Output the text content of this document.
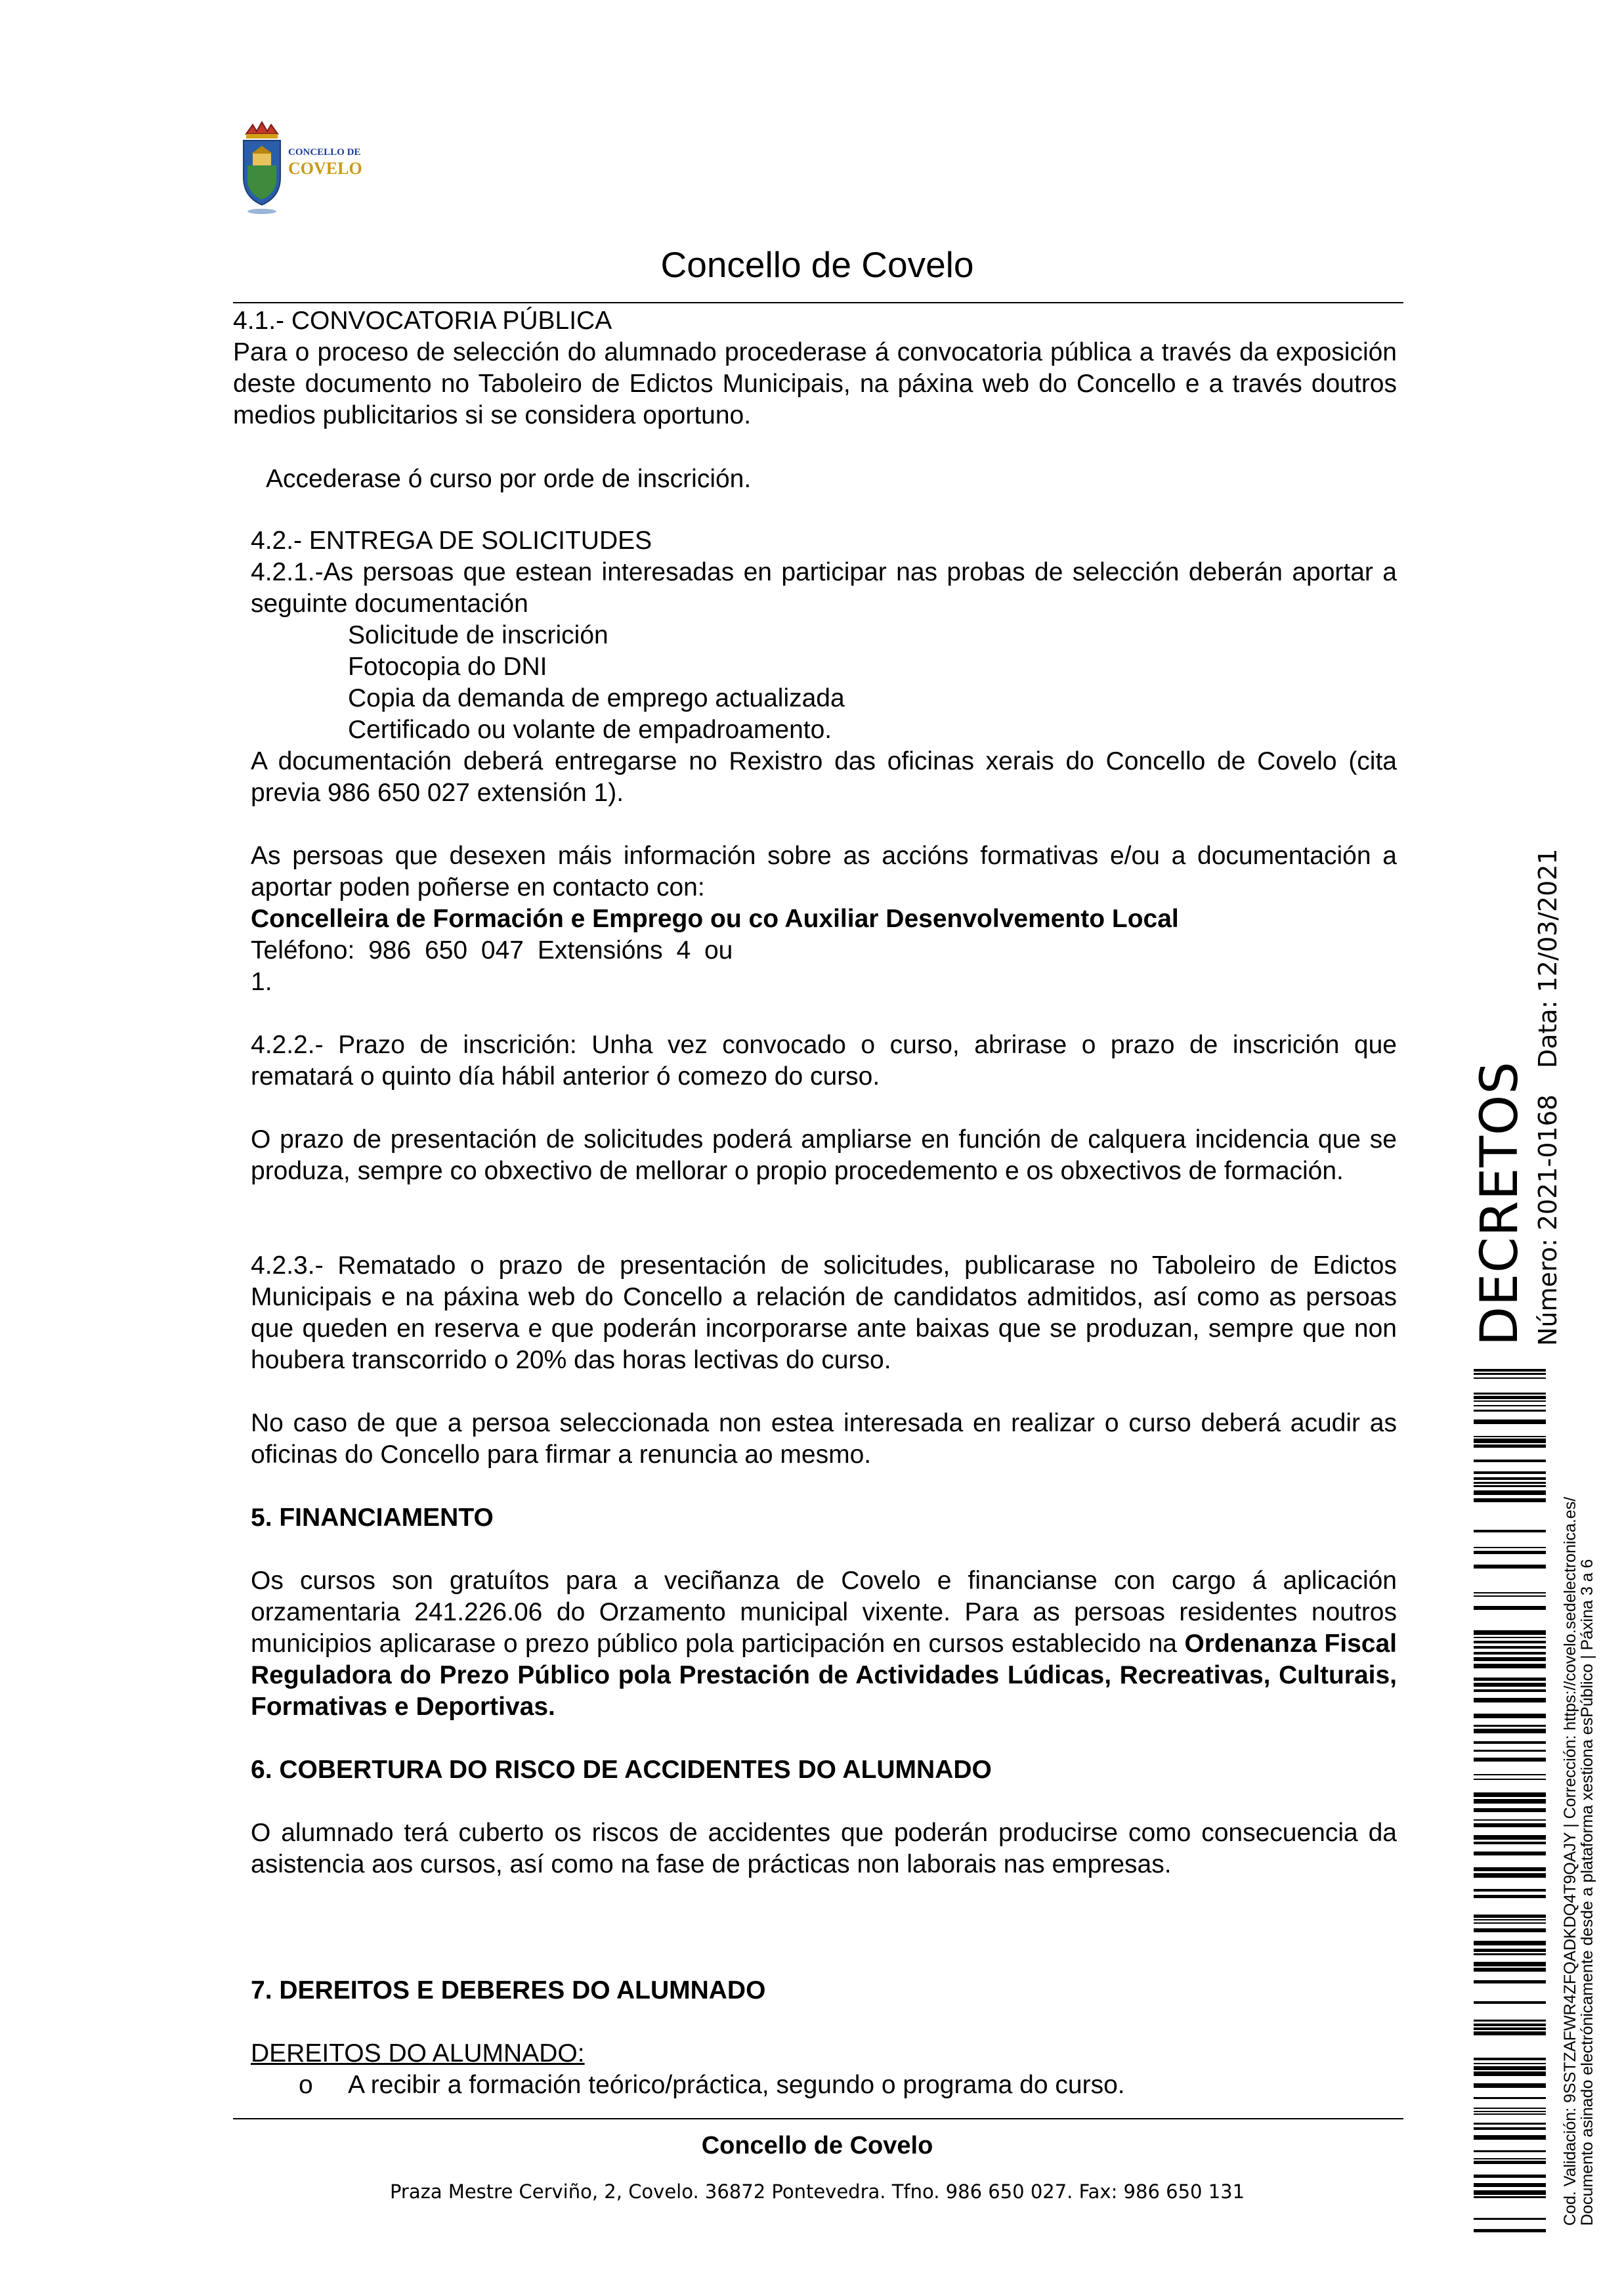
CONCELLO DE
COVELO
Concello de Covelo

4.1.- CONVOCATORIA PÚBLICA

Para o proceso de selección do alumnado procederase á convocatoria pública a través da exposición deste documento no Taboleiro de Edictos Municipais, na páxina web do Concello e a través doutros medios publicitarios si se considera oportuno.

Accederase ó curso por orde de inscrición.

4.2.- ENTREGA DE SOLICITUDES

4.2.1.-As persoas que estean interesadas en participar nas probas de selección deberán aportar a seguinte documentación

Solicitude de inscrición
Fotocopia do DNI
Copia da demanda de emprego actualizada
Certificado ou volante de empadroamento.

A documentación deberá entregarse no Rexistro das oficinas xerais do Concello de Covelo (cita previa 986 650 027 extensión 1).

As persoas que desexen máis información sobre as accións formativas e/ou a documentación a aportar poden poñerse en contacto con:

Concelleira de Formación e Emprego ou co Auxiliar Desenvolvemento Local

Teléfono: 986 650 047 Extensións 4 ou

1.

4.2.2.- Prazo de inscrición: Unha vez convocado o curso, abrirase o prazo de inscrición que rematará o quinto día hábil anterior ó comezo do curso.

O prazo de presentación de solicitudes poderá ampliarse en función de calquera incidencia que se produza, sempre co obxectivo de mellorar o propio procedemento e os obxectivos de formación.

4.2.3.- Rematado o prazo de presentación de solicitudes, publicarase no Taboleiro de Edictos Municipais e na páxina web do Concello a relación de candidatos admitidos, así como as persoas que queden en reserva e que poderán incorporarse ante baixas que se produzan, sempre que non houbera transcorrido o 20% das horas lectivas do curso.

No caso de que a persoa seleccionada non estea interesada en realizar o curso deberá acudir as oficinas do Concello para firmar a renuncia ao mesmo.

5. FINANCIAMENTO

Os cursos son gratuítos para a veciñanza de Covelo e financianse con cargo á aplicación orzamentaria 241.226.06 do Orzamento municipal vixente. Para as persoas residentes noutros municipios aplicarase o prezo público pola participación en cursos establecido na Ordenanza Fiscal Reguladora do Prezo Público pola Prestación de Actividades Lúdicas, Recreativas, Culturais, Formativas e Deportivas.

6. COBERTURA DO RISCO DE ACCIDENTES DO ALUMNADO

O alumnado terá cuberto os riscos de accidentes que poderán producirse como consecuencia da asistencia aos cursos, así como na fase de prácticas non laborais nas empresas.

7. DEREITOS E DEBERES DO ALUMNADO

DEREITOS DO ALUMNADO:

o A recibir a formación teórico/práctica, segundo o programa do curso.
Concello de Covelo
Praza Mestre Cerviño, 2, Covelo. 36872 Pontevedra. Tfno. 986 650 027. Fax: 986 650 131
DECRETOS Número: 2021-0168Data: 12/03/2021
Cod. Validación: 9SSTZAFWR4ZFQADKDQ4T9QAJY | Corrección: https://covelo.sedelectronica.es/
Documento asinado electrónicamente desde a plataforma xestiona esPúblico | Páxina 3 a 6
